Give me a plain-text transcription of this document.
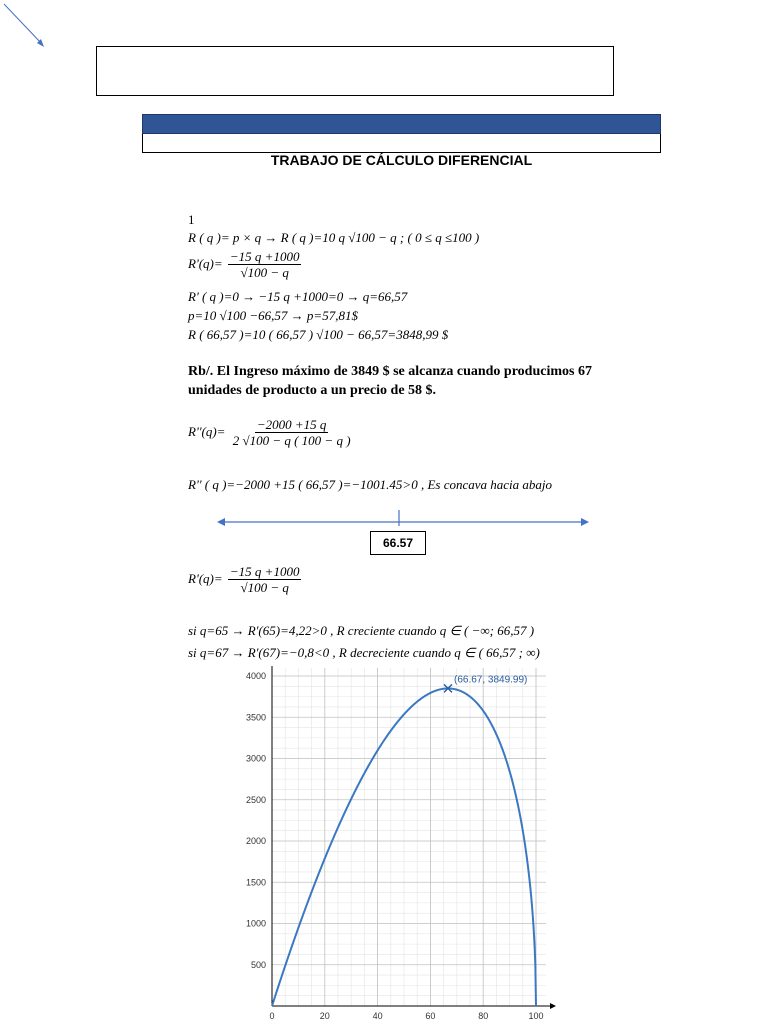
TRABAJO DE CÁLCULO DIFERENCIAL
1
R ( q )= p × q → R ( q )=10 q √100 − q ; ( 0 ≤ q ≤100 )
$R'(q)= \frac{-15 q +1000}{√100 - q}$
R' ( q )=0 → −15 q +1000=0 → q=66,57
p=10 √100 −66,57 → p=57,81$
R ( 66,57 )=10 ( 66,57 ) √100 − 66,57=3848,99 $
Rb/. El Ingreso máximo de 3849 $ se alcanza cuando producimos 67 unidades de producto a un precio de 58 $.
$R''(q)= \frac{-2000 +15 q}{2 √100 - q ( 100 - q )}$
R'' ( q )=−2000 +15 ( 66,57 )=−1001.45>0 , Es concava hacia abajo
66.57
$R'(q)= \frac{-15 q +1000}{√100 - q}$
si q=65 → R'(65)=4,22>0 , R creciente cuando q ∈ ( −∞; 66,57 )
si q=67 → R'(67)=−0,8<0 , R decreciente cuando q ∈ ( 66,57 ; ∞)
0	20	40	60	80	100
500
1000
1500
2000
2500
3000
3500
4000	(66.67, 3849.99)
